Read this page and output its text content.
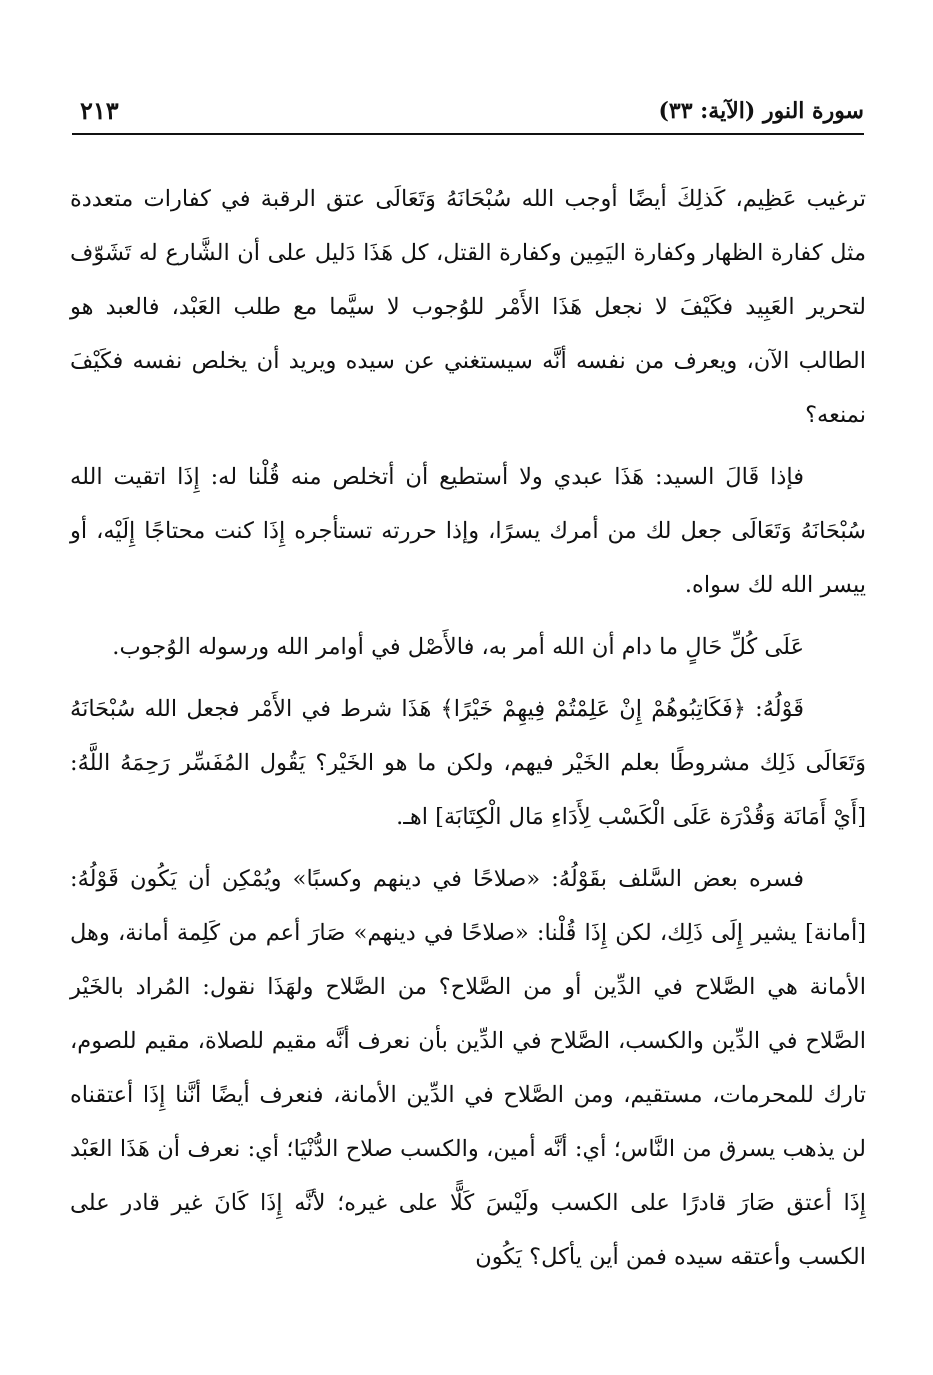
سورة النور (الآية: ٣٣)
٢١٣

ترغيب عَظِيم، كَذلِكَ أيضًا أوجب الله سُبْحَانَهُ وَتَعَالَى عتق الرقبة في كفارات متعددة مثل كفارة الظهار وكفارة اليَمِين وكفارة القتل، كل هَذَا دَليل على أن الشَّارع له تَشَوّف لتحرير العَبِيد فكَيْفَ لا نجعل هَذَا الأَمْر للوُجوب لا سيَّما مع طلب العَبْد، فالعبد هو الطالب الآن، ويعرف من نفسه أنَّه سيستغني عن سيده ويريد أن يخلص نفسه فكَيْفَ نمنعه؟

فإذا قَالَ السيد: هَذَا عبدي ولا أستطيع أن أتخلص منه قُلْنا له: إِذَا اتقيت الله سُبْحَانَهُ وَتَعَالَى جعل لك من أمرك يسرًا، وإذا حررته تستأجره إِذَا كنت محتاجًا إِلَيْه، أو ييسر الله لك سواه.

عَلَى كُلِّ حَالٍ ما دام أن الله أمر به، فالأَصْل في أوامر الله ورسوله الوُجوب.

قَوْلُهُ: ﴿فَكَاتِبُوهُمْ إِنْ عَلِمْتُمْ فِيهِمْ خَيْرًا﴾ هَذَا شرط في الأَمْر فجعل الله سُبْحَانَهُ وَتَعَالَى ذَلِك مشروطًا بعلم الخَيْر فيهم، ولكن ما هو الخَيْر؟ يَقُول المُفَسِّر رَحِمَهُ اللَّهُ: [أَيْ أَمَانَة وَقُدْرَة عَلَى الْكَسْب لِأَدَاءِ مَال الْكِتَابَة] اهـ.

فسره بعض السَّلف بقَوْلُهُ: «صلاحًا في دينهم وكسبًا» ويُمْكِن أن يَكُون قَوْلُهُ: [أمانة] يشير إِلَى ذَلِك، لكن إِذَا قُلْنا: «صلاحًا في دينهم» صَارَ أعم من كَلِمة أمانة، وهل الأمانة هي الصَّلاح في الدِّين أو من الصَّلاح؟ من الصَّلاح ولهَذَا نقول: المُراد بالخَيْر الصَّلاح في الدِّين والكسب، الصَّلاح في الدِّين بأن نعرف أنَّه مقيم للصلاة، مقيم للصوم، تارك للمحرمات، مستقيم، ومن الصَّلاح في الدِّين الأمانة، فنعرف أيضًا أنَّنا إِذَا أعتقناه لن يذهب يسرق من النَّاس؛ أي: أنَّه أمين، والكسب صلاح الدُّنْيَا؛ أي: نعرف أن هَذَا العَبْد إِذَا أعتق صَارَ قادرًا على الكسب ولَيْسَ كَلًّا على غيره؛ لأنَّه إِذَا كَانَ غير قادر على الكسب وأعتقه سيده فمن أين يأكل؟ يَكُون
